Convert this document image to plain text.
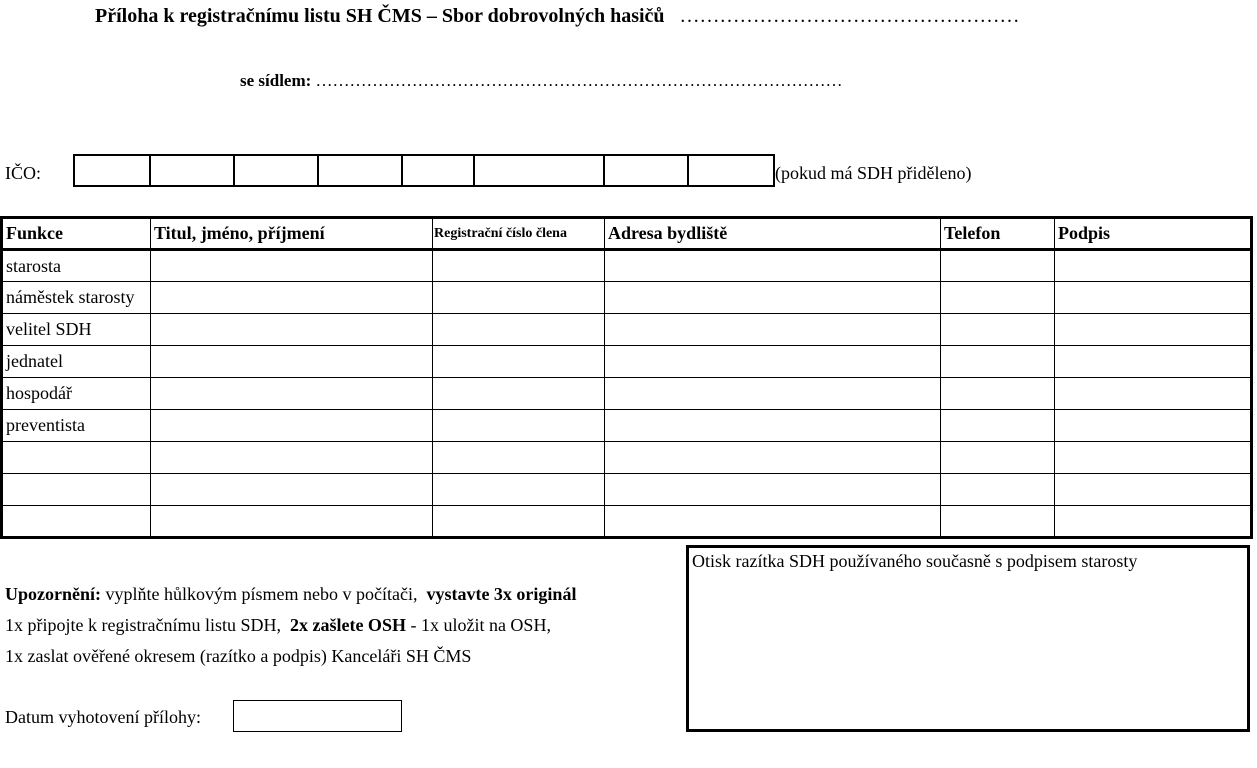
Příloha k registračnímu listu SH ČMS – Sbor dobrovolných hasičů ……………………………………………
se sídlem: …………………………………………………………………………………
IČO:	(pokud má SDH přiděleno)
Funkce	Titul, jméno, příjmení	Registrační číslo člena	Adresa bydliště	Telefon	Podpis
starosta					
náměstek starosty					
velitel SDH					
jednatel					
hospodář					
preventista					

Otisk razítka SDH používaného současně s podpisem starosty
Upozornění: vyplňte hůlkovým písmem nebo v počítači,  vystavte 3x originál
1x připojte k registračnímu listu SDH,  2x zašlete OSH - 1x uložit na OSH,
1x zaslat ověřené okresem (razítko a podpis) Kanceláři SH ČMS
Datum vyhotovení přílohy:
